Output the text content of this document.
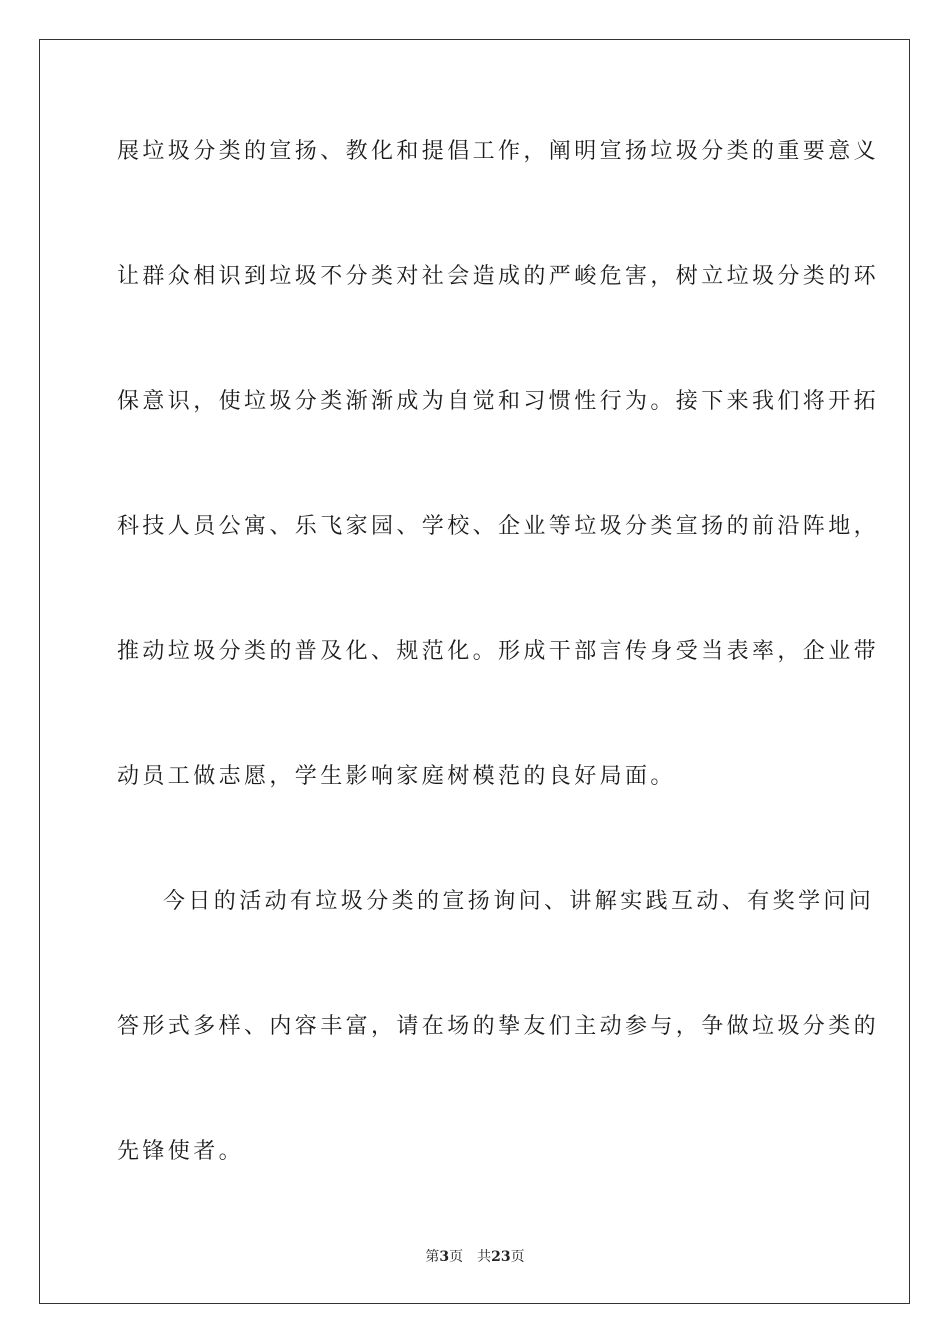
展垃圾分类的宣扬、教化和提倡工作，阐明宣扬垃圾分类的重要意义

让群众相识到垃圾不分类对社会造成的严峻危害，树立垃圾分类的环

保意识，使垃圾分类渐渐成为自觉和习惯性行为。接下来我们将开拓

科技人员公寓、乐飞家园、学校、企业等垃圾分类宣扬的前沿阵地，

推动垃圾分类的普及化、规范化。形成干部言传身受当表率，企业带

动员工做志愿，学生影响家庭树模范的良好局面。

今日的活动有垃圾分类的宣扬询问、讲解实践互动、有奖学问问

答形式多样、内容丰富，请在场的挚友们主动参与，争做垃圾分类的

先锋使者。

第3页 共23页
